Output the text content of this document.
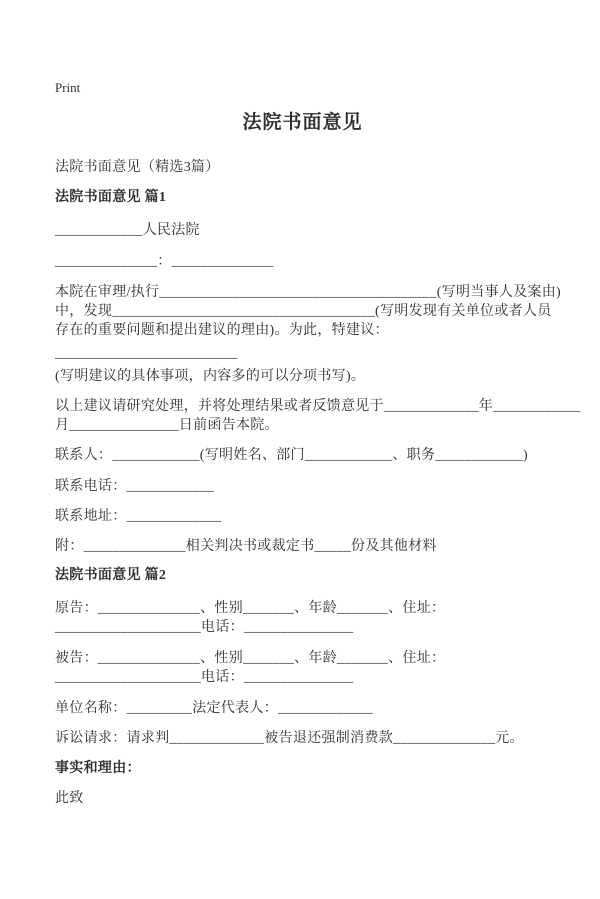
Print

法院书面意见

法院书面意见（精选3篇）

法院书面意见 篇1

____________人民法院

______________：______________

本院在审理/执行______________________________________(写明当事人及案由)

中，发现____________________________________(写明发现有关单位或者人员

存在的重要问题和提出建议的理由)。为此，特建议：

_________________________

(写明建议的具体事项，内容多的可以分项书写)。

以上建议请研究处理，并将处理结果或者反馈意见于_____________年____________

月_______________日前函告本院。

联系人：____________(写明姓名、部门____________、职务____________)

联系电话：____________

联系地址：_____________

附：______________相关判决书或裁定书_____份及其他材料

法院书面意见 篇2

原告：______________、性别_______、年龄_______、住址：

____________________电话：_______________

被告：______________、性别_______、年龄_______、住址：

____________________电话：_______________

单位名称：_________法定代表人：_____________

诉讼请求：请求判_____________被告退还强制消费款______________元。

事实和理由：

此致
